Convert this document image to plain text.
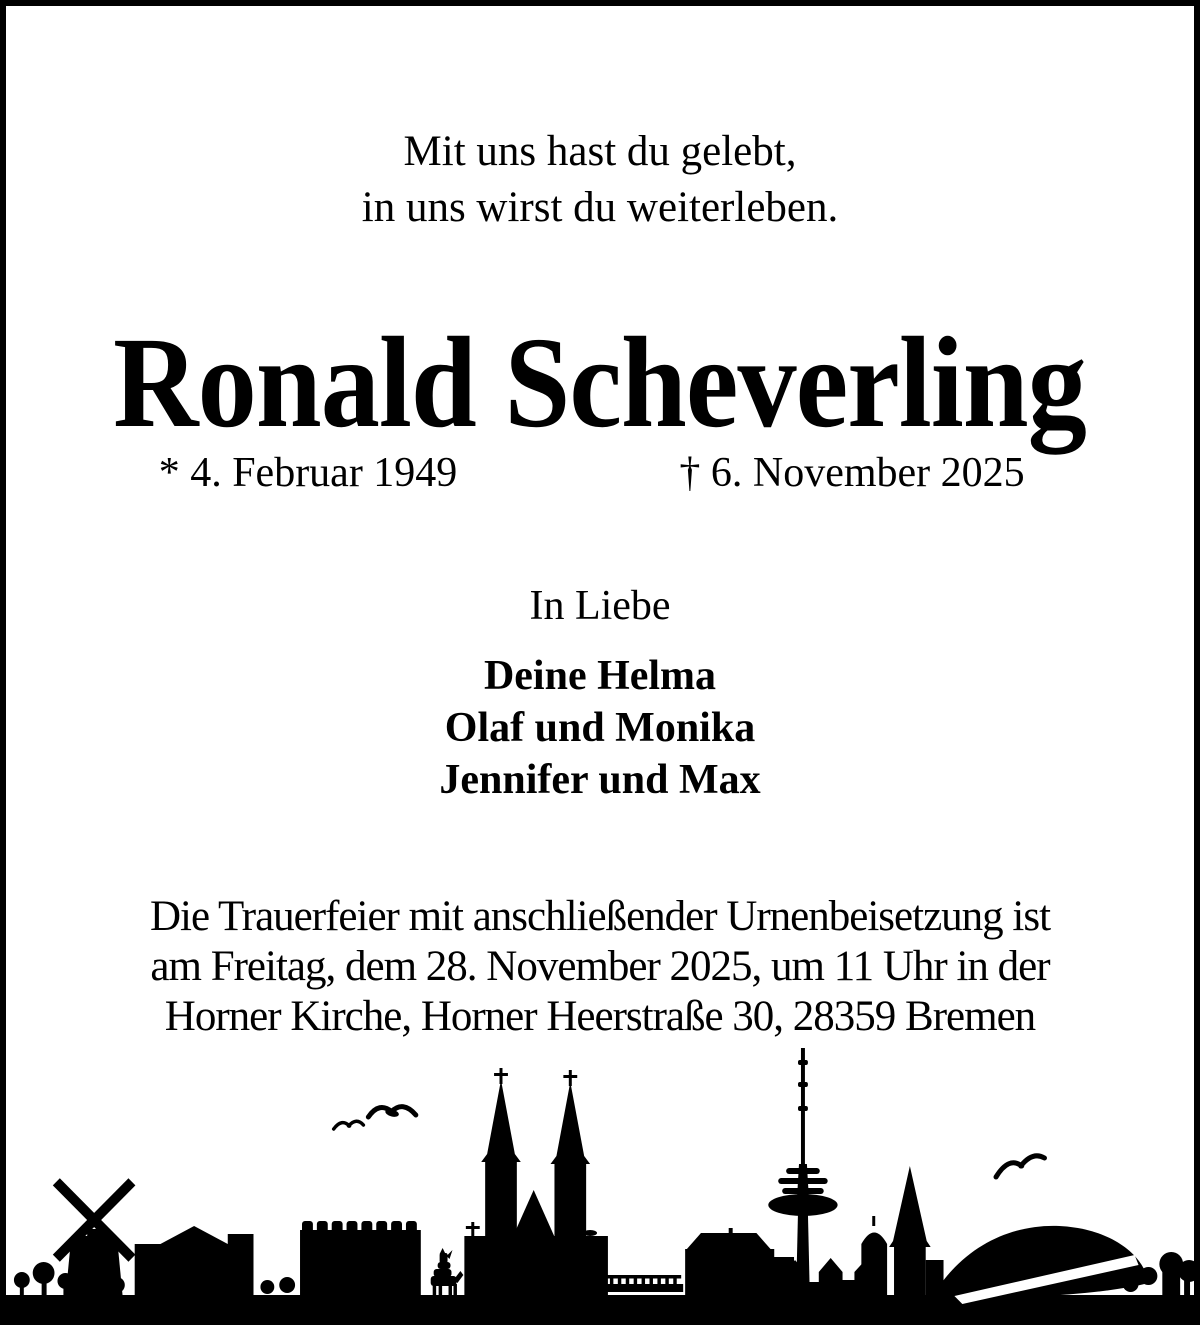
Mit uns hast du gelebt,
in uns wirst du weiterleben.
Ronald Scheverling
* 4. Februar 1949	† 6. November 2025
In Liebe
Deine Helma
Olaf und Monika
Jennifer und Max
Die Trauerfeier mit anschließender Urnenbeisetzung ist
am Freitag, dem 28. November 2025, um 11 Uhr in der
Horner Kirche, Horner Heerstraße 30, 28359 Bremen
